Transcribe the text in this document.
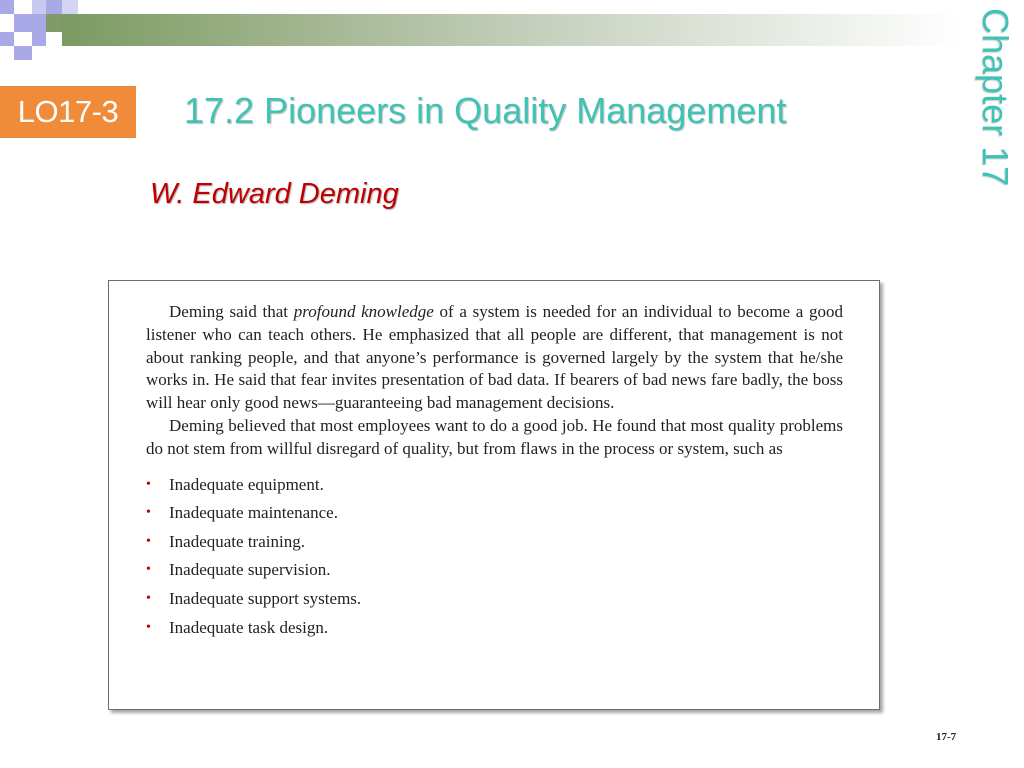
LO17-3	17.2 Pioneers in Quality Management	Chapter 17
W. Edward Deming

Deming said that profound knowledge of a system is needed for an individual to become a good listener who can teach others. He emphasized that all people are different, that management is not about ranking people, and that anyone’s performance is governed largely by the system that he/she works in. He said that fear invites presentation of bad data. If bearers of bad news fare badly, the boss will hear only good news—guaranteeing bad management decisions.

Deming believed that most employees want to do a good job. He found that most quality problems do not stem from willful disregard of quality, but from flaws in the process or system, such as

• Inadequate equipment.
• Inadequate maintenance.
• Inadequate training.
• Inadequate supervision.
• Inadequate support systems.
• Inadequate task design.
17-7
